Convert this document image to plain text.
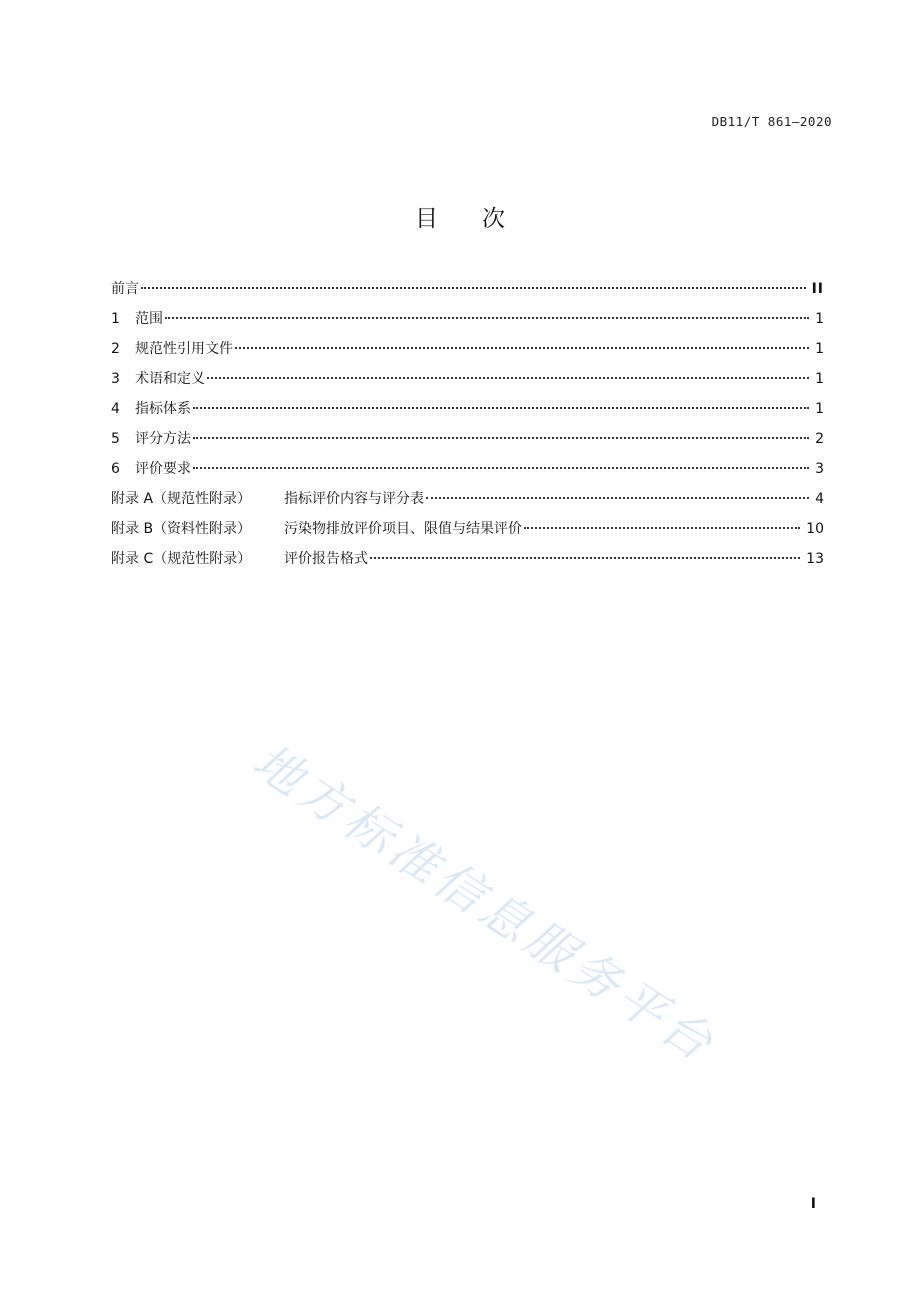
DB11/T 861—2020
目 次
前言	II
1	范围	1
2	规范性引用文件	1
3	术语和定义	1
4	指标体系	1
5	评分方法	2
6	评价要求	3
附录 A（规范性附录）	指标评价内容与评分表	4
附录 B（资料性附录）	污染物排放评价项目、限值与结果评价	10
附录 C（规范性附录）	评价报告格式	13
地方标准信息服务平台
I
